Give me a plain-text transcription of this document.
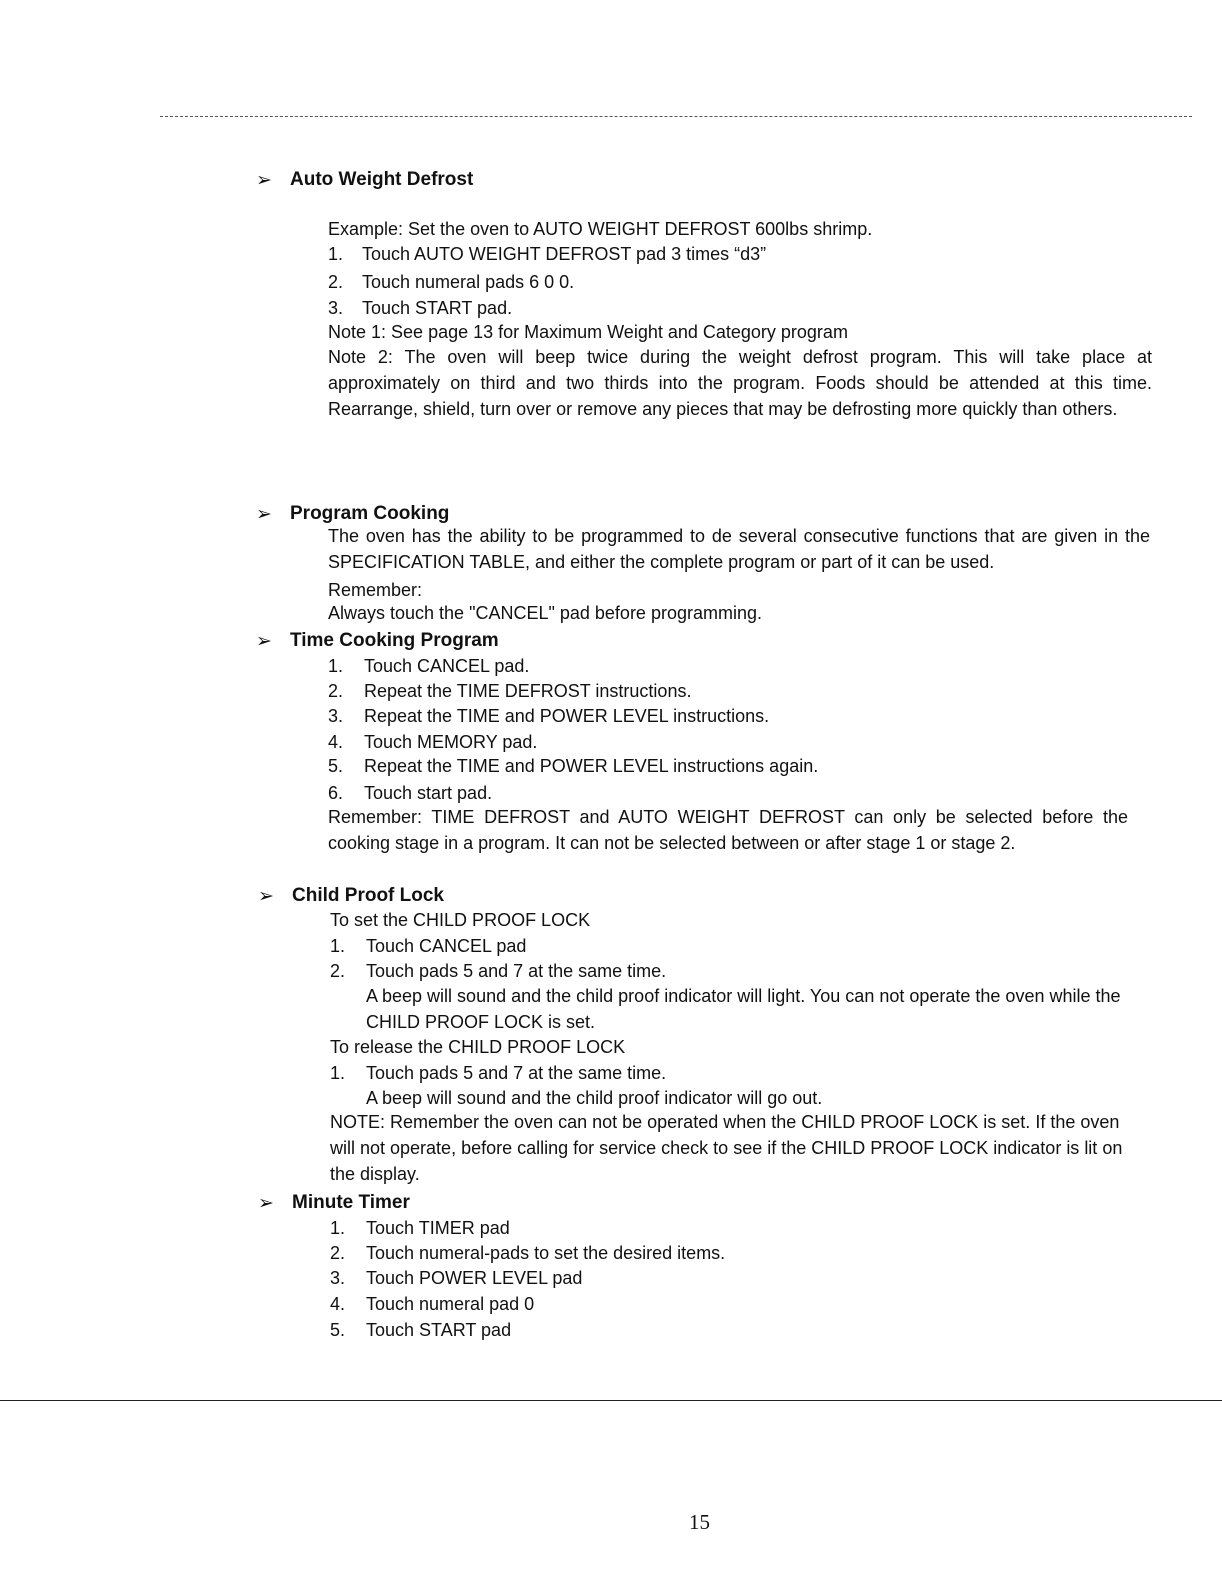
➢ Auto Weight Defrost
Example: Set the oven to AUTO WEIGHT DEFROST 600lbs shrimp.
1. Touch AUTO WEIGHT DEFROST pad 3 times “d3”
2. Touch numeral pads 6 0 0.
3. Touch START pad.
Note 1: See page 13 for Maximum Weight and Category program
Note 2: The oven will beep twice during the weight defrost program. This will take place at approximately on third and two thirds into the program. Foods should be attended at this time. Rearrange, shield, turn over or remove any pieces that may be defrosting more quickly than others.
➢ Program Cooking
The oven has the ability to be programmed to de several consecutive functions that are given in the SPECIFICATION TABLE, and either the complete program or part of it can be used.
Remember:
Always touch the "CANCEL" pad before programming.
➢ Time Cooking Program
1. Touch CANCEL pad.
2. Repeat the TIME DEFROST instructions.
3. Repeat the TIME and POWER LEVEL instructions.
4. Touch MEMORY pad.
5. Repeat the TIME and POWER LEVEL instructions again.
6. Touch start pad.
Remember: TIME DEFROST and AUTO WEIGHT DEFROST can only be selected before the cooking stage in a program. It can not be selected between or after stage 1 or stage 2.
➢ Child Proof Lock
To set the CHILD PROOF LOCK
1. Touch CANCEL pad
2. Touch pads 5 and 7 at the same time.
A beep will sound and the child proof indicator will light. You can not operate the oven while the CHILD PROOF LOCK is set.
To release the CHILD PROOF LOCK
1. Touch pads 5 and 7 at the same time.
A beep will sound and the child proof indicator will go out.
NOTE: Remember the oven can not be operated when the CHILD PROOF LOCK is set. If the oven will not operate, before calling for service check to see if the CHILD PROOF LOCK indicator is lit on the display.
➢ Minute Timer
1. Touch TIMER pad
2. Touch numeral-pads to set the desired items.
3. Touch POWER LEVEL pad
4. Touch numeral pad 0
5. Touch START pad
15
